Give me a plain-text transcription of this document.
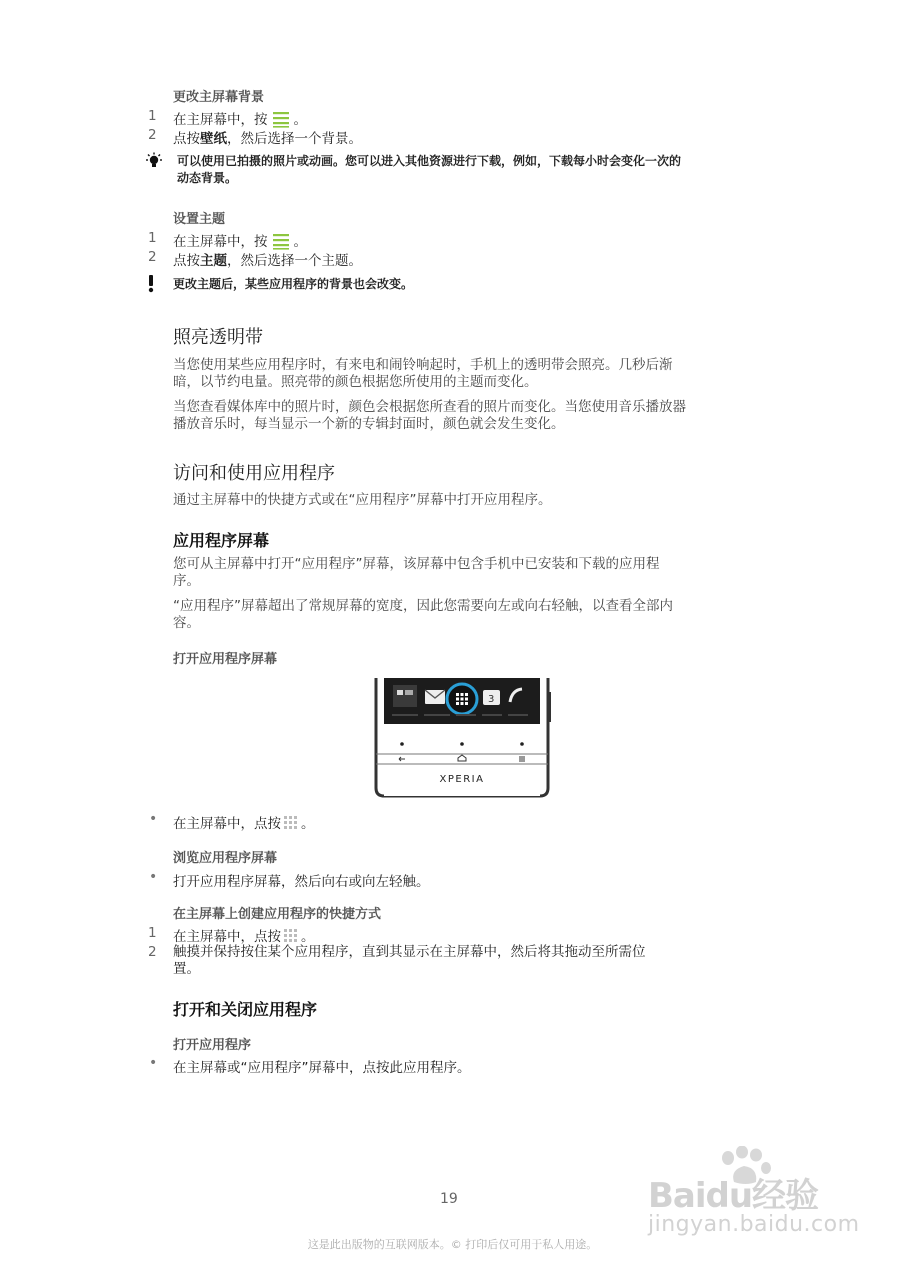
更改主屏幕背景
1 在主屏幕中，按 。
2 点按壁纸，然后选择一个背景。
可以使用已拍摄的照片或动画。您可以进入其他资源进行下载，例如，下载每小时会变化一次的
动态背景。
设置主题
1 在主屏幕中，按 。
2 点按主题，然后选择一个主题。
更改主题后，某些应用程序的背景也会改变。
照亮透明带
当您使用某些应用程序时，有来电和闹铃响起时，手机上的透明带会照亮。几秒后渐
暗，以节约电量。照亮带的颜色根据您所使用的主题而变化。
当您查看媒体库中的照片时，颜色会根据您所查看的照片而变化。当您使用音乐播放器
播放音乐时，每当显示一个新的专辑封面时，颜色就会发生变化。
访问和使用应用程序
通过主屏幕中的快捷方式或在“应用程序”屏幕中打开应用程序。
应用程序屏幕
您可从主屏幕中打开“应用程序”屏幕，该屏幕中包含手机中已安装和下载的应用程
序。
“应用程序”屏幕超出了常规屏幕的宽度，因此您需要向左或向右轻触，以查看全部内
容。
打开应用程序屏幕
3
XPERIA
• 在主屏幕中，点按 。
浏览应用程序屏幕
• 打开应用程序屏幕，然后向右或向左轻触。
在主屏幕上创建应用程序的快捷方式
1 在主屏幕中，点按 。
2 触摸并保持按住某个应用程序，直到其显示在主屏幕中，然后将其拖动至所需位
置。
打开和关闭应用程序
打开应用程序
• 在主屏幕或“应用程序”屏幕中，点按此应用程序。
19
这是此出版物的互联网版本。© 打印后仅可用于私人用途。
Baidu经验
jingyan.baidu.com
